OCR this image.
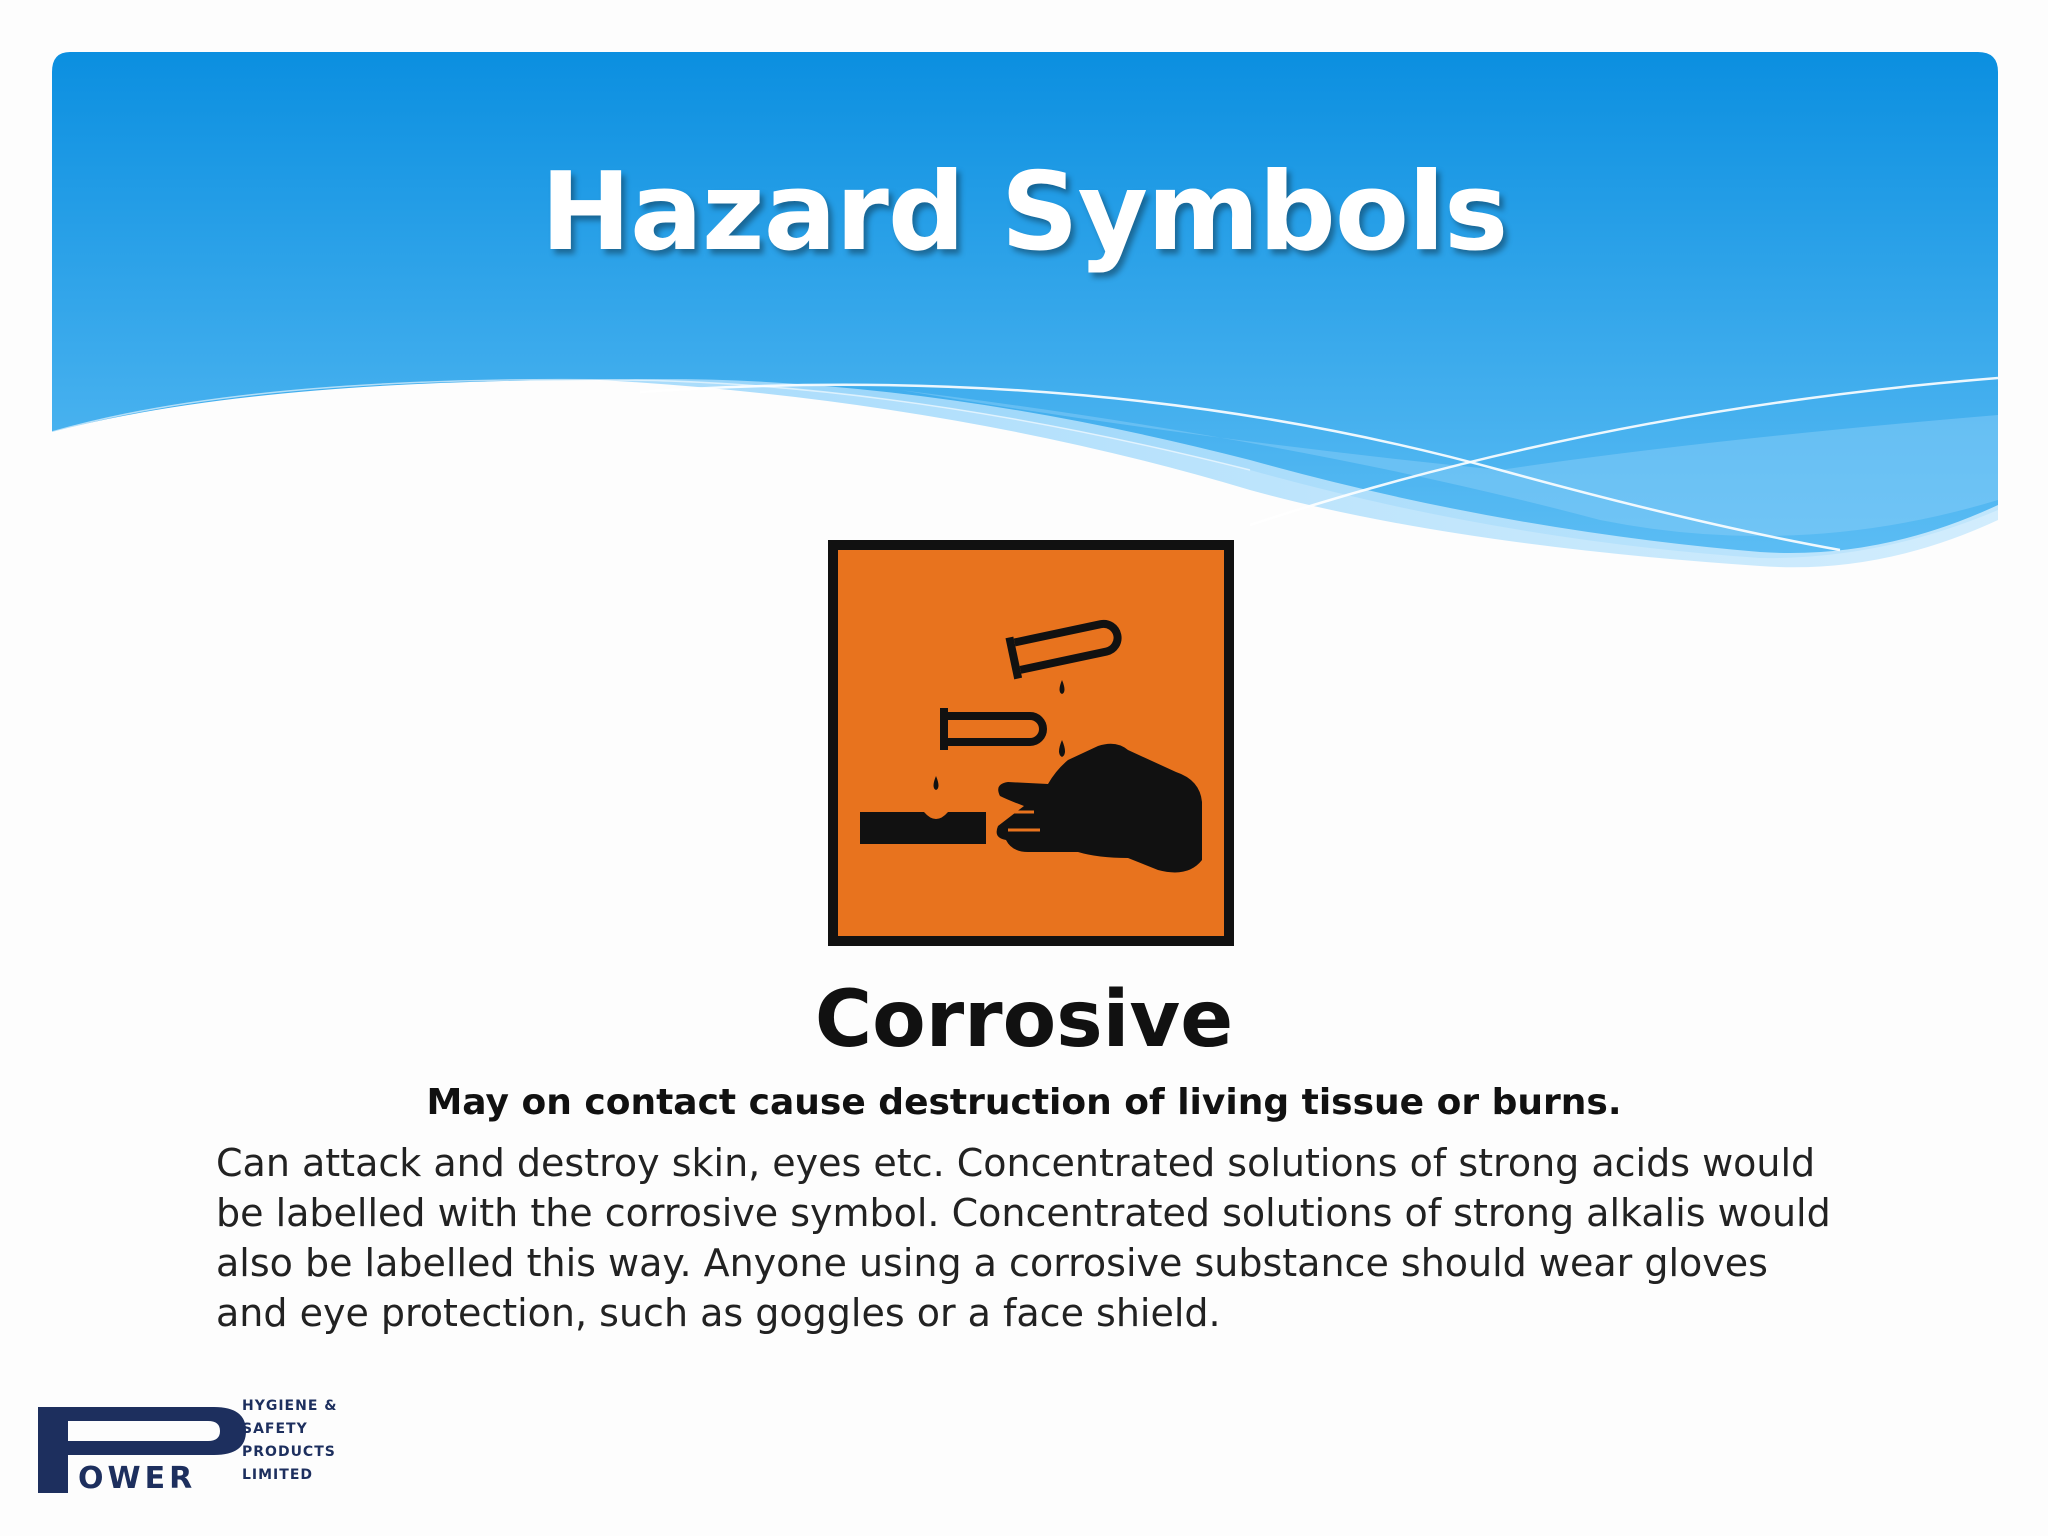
Hazard Symbols
Corrosive

May on contact cause destruction of living tissue or burns.

Can attack and destroy skin, eyes etc. Concentrated solutions of strong acids would be labelled with the corrosive symbol. Concentrated solutions of strong alkalis would also be labelled this way. Anyone using a corrosive substance should wear gloves and eye protection, such as goggles or a face shield.

OWER
HYGIENE &
SAFETY
PRODUCTS
LIMITED
